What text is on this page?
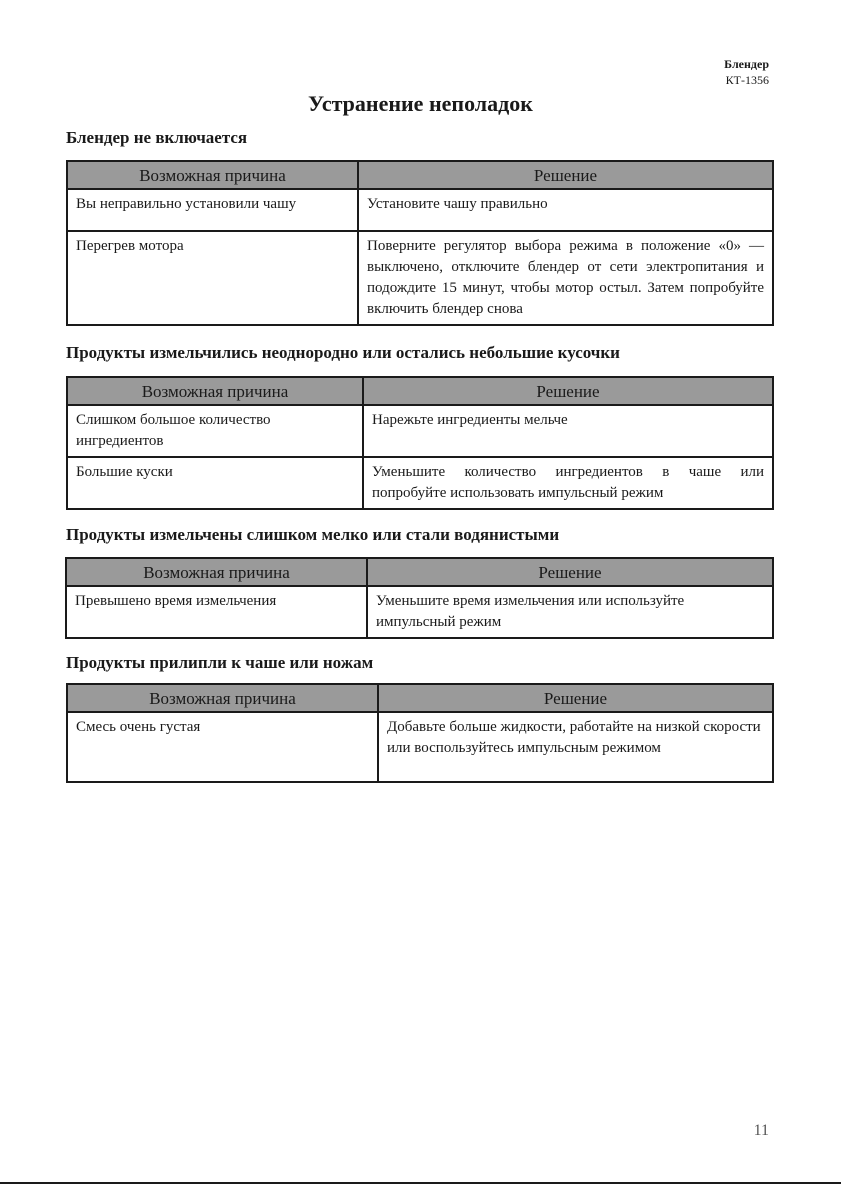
Блендер
КТ-1356
Устранение неполадок
Блендер не включается
Возможная причина	Решение
Вы неправильно установили чашу	Установите чашу правильно
Перегрев мотора	Поверните регулятор выбора режима в положение «0» — выключено, отключите блендер от сети электропитания и подождите 15 минут, чтобы мотор остыл. Затем попробуйте включить блендер снова
Продукты измельчились неоднородно или остались небольшие кусочки
Возможная причина	Решение
Слишком большое количество ингредиентов	Нарежьте ингредиенты мельче
Большие куски	Уменьшите количество ингредиентов в чаше или попробуйте использовать импульсный режим
Продукты измельчены слишком мелко или стали водянистыми
Возможная причина	Решение
Превышено время измельчения	Уменьшите время измельчения или используйте импульсный режим
Продукты прилипли к чаше или ножам
Возможная причина	Решение
Смесь очень густая	Добавьте больше жидкости, работайте на низкой скорости или воспользуйтесь импульсным режимом
11
